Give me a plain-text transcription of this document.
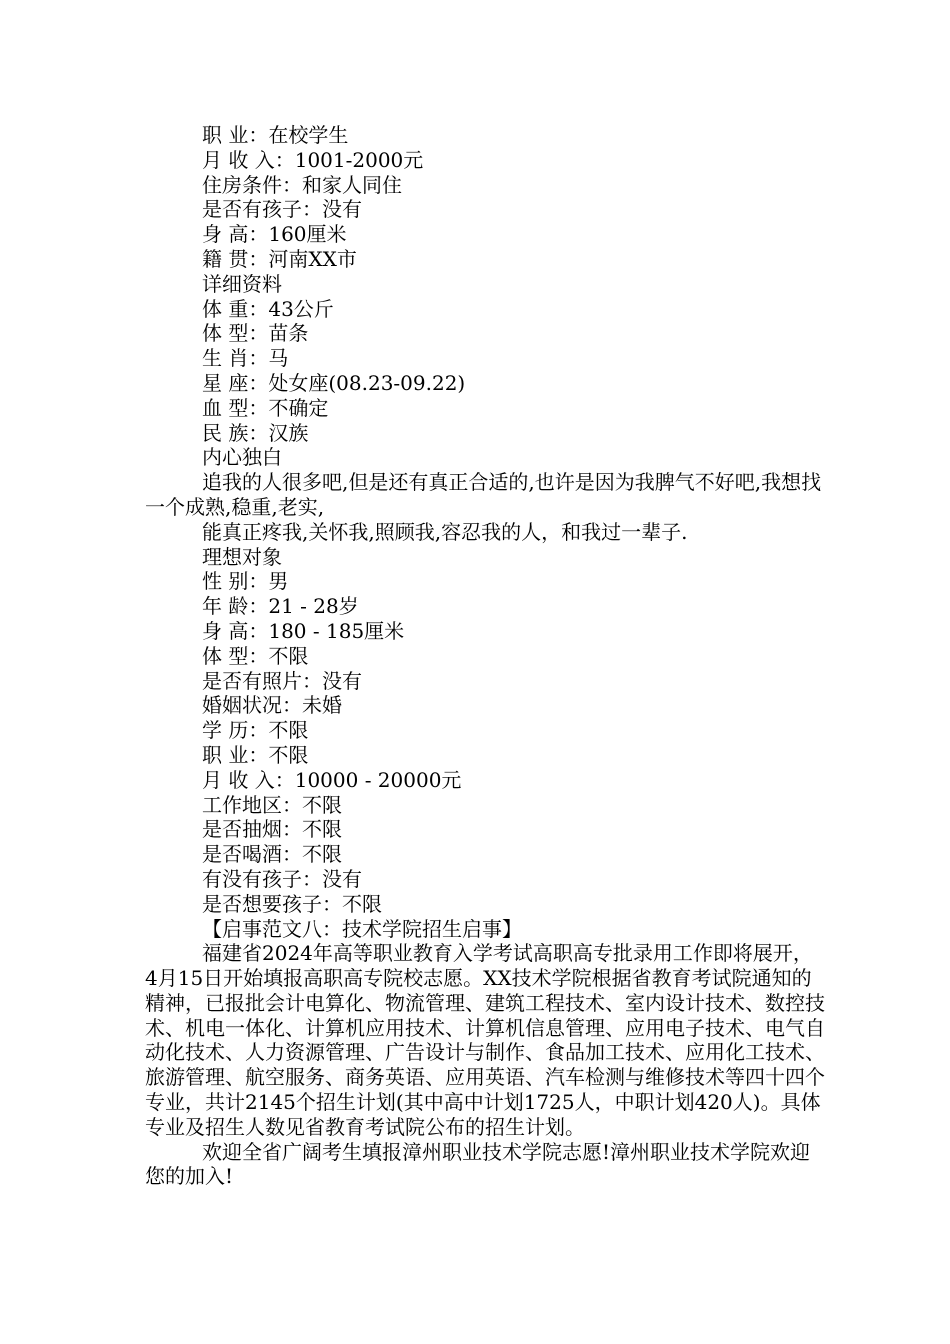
职 业：在校学生

月 收 入：1001-2000元

住房条件：和家人同住

是否有孩子：没有

身 高：160厘米

籍 贯：河南XX市

详细资料

体 重：43公斤

体 型：苗条

生 肖：马

星 座：处女座(08.23-09.22)

血 型：不确定

民 族：汉族

内心独白

追我的人很多吧,但是还有真正合适的,也许是因为我脾气不好吧,我想找一个成熟,稳重,老实,

能真正疼我,关怀我,照顾我,容忍我的人，和我过一辈子.

理想对象

性 别：男

年 龄：21 - 28岁

身 高：180 - 185厘米

体 型：不限

是否有照片：没有

婚姻状况：未婚

学 历：不限

职 业：不限

月 收 入：10000 - 20000元

工作地区：不限

是否抽烟：不限

是否喝酒：不限

有没有孩子：没有

是否想要孩子：不限

【启事范文八：技术学院招生启事】

福建省2024年高等职业教育入学考试高职高专批录用工作即将展开，4月15日开始填报高职高专院校志愿。XX技术学院根据省教育考试院通知的精神，已报批会计电算化、物流管理、建筑工程技术、室内设计技术、数控技术、机电一体化、计算机应用技术、计算机信息管理、应用电子技术、电气自动化技术、人力资源管理、广告设计与制作、食品加工技术、应用化工技术、旅游管理、航空服务、商务英语、应用英语、汽车检测与维修技术等四十四个专业，共计2145个招生计划(其中高中计划1725人，中职计划420人)。具体专业及招生人数见省教育考试院公布的招生计划。

欢迎全省广阔考生填报漳州职业技术学院志愿!漳州职业技术学院欢迎您的加入!
